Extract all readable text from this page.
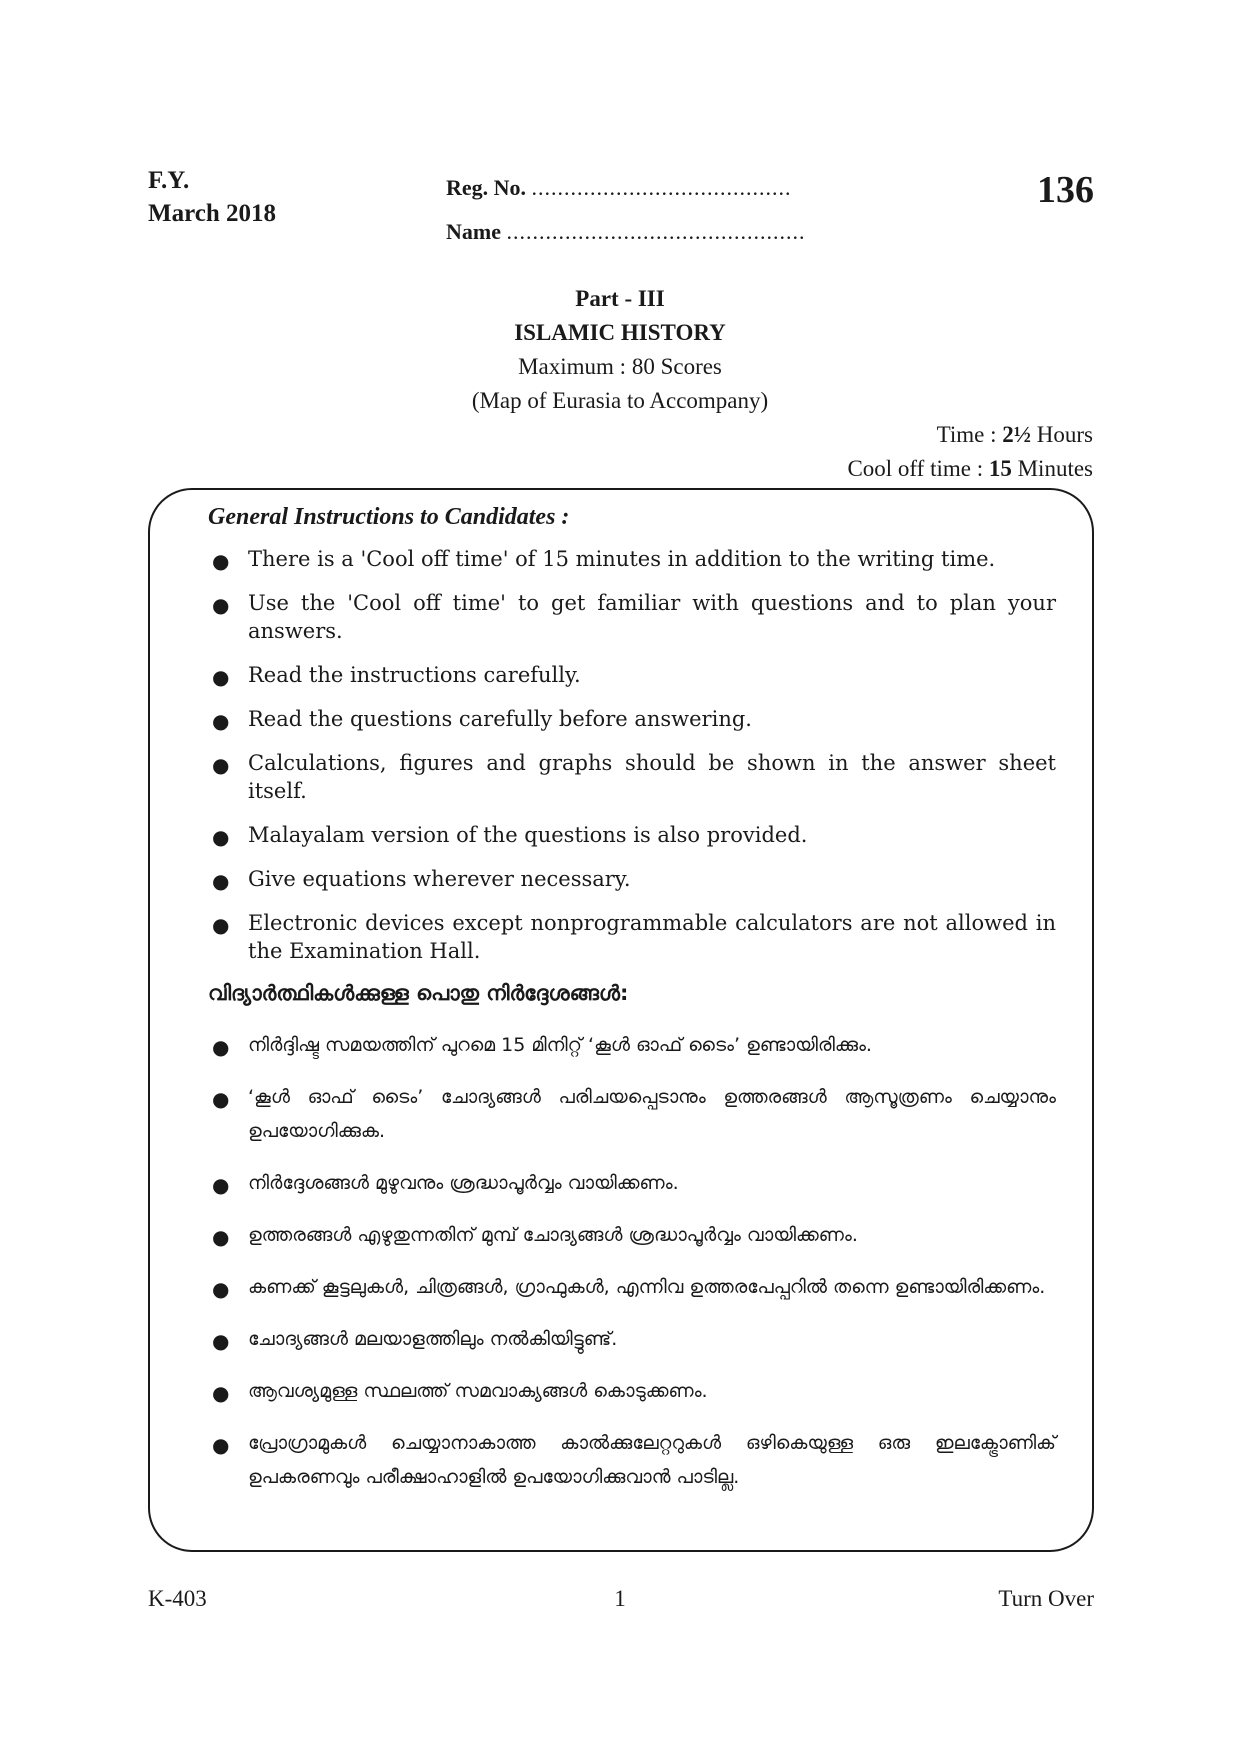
F.Y.
March 2018
Reg. No. ........................................
Name ..............................................
136
Part - III
ISLAMIC HISTORY
Maximum : 80 Scores
(Map of Eurasia to Accompany)
Time : 2½ Hours
Cool off time : 15 Minutes
General Instructions to Candidates :
● There is a 'Cool off time' of 15 minutes in addition to the writing time.
● Use the 'Cool off time' to get familiar with questions and to plan your answers.
● Read the instructions carefully.
● Read the questions carefully before answering.
● Calculations, figures and graphs should be shown in the answer sheet itself.
● Malayalam version of the questions is also provided.
● Give equations wherever necessary.
● Electronic devices except nonprogrammable calculators are not allowed in the Examination Hall.
വിദ്യാർത്ഥികൾക്കുള്ള പൊതു നിർദ്ദേശങ്ങൾ:
● നിർദ്ദിഷ്ട സമയത്തിന് പുറമെ 15 മിനിറ്റ് ‘കൂൾ ഓഫ് ടൈം’ ഉണ്ടായിരിക്കും.
● ‘കൂൾ ഓഫ് ടൈം’ ചോദ്യങ്ങൾ പരിചയപ്പെടാനും ഉത്തരങ്ങൾ ആസൂത്രണം ചെയ്യാനും ഉപയോഗിക്കുക.
● നിർദ്ദേശങ്ങൾ മുഴുവനും ശ്രദ്ധാപൂർവ്വം വായിക്കണം.
● ഉത്തരങ്ങൾ എഴുതുന്നതിന് മുമ്പ് ചോദ്യങ്ങൾ ശ്രദ്ധാപൂർവ്വം വായിക്കണം.
● കണക്ക് കൂട്ടലുകൾ, ചിത്രങ്ങൾ, ഗ്രാഫുകൾ, എന്നിവ ഉത്തരപേപ്പറിൽ തന്നെ ഉണ്ടായിരിക്കണം.
● ചോദ്യങ്ങൾ മലയാളത്തിലും നൽകിയിട്ടുണ്ട്.
● ആവശ്യമുള്ള സ്ഥലത്ത് സമവാക്യങ്ങൾ കൊടുക്കണം.
● പ്രോഗ്രാമുകൾ ചെയ്യാനാകാത്ത കാൽക്കുലേറ്ററുകൾ ഒഴികെയുള്ള ഒരു ഇലക്ട്രോണിക് ഉപകരണവും പരീക്ഷാഹാളിൽ ഉപയോഗിക്കുവാൻ പാടില്ല.
K-403	1	Turn Over
